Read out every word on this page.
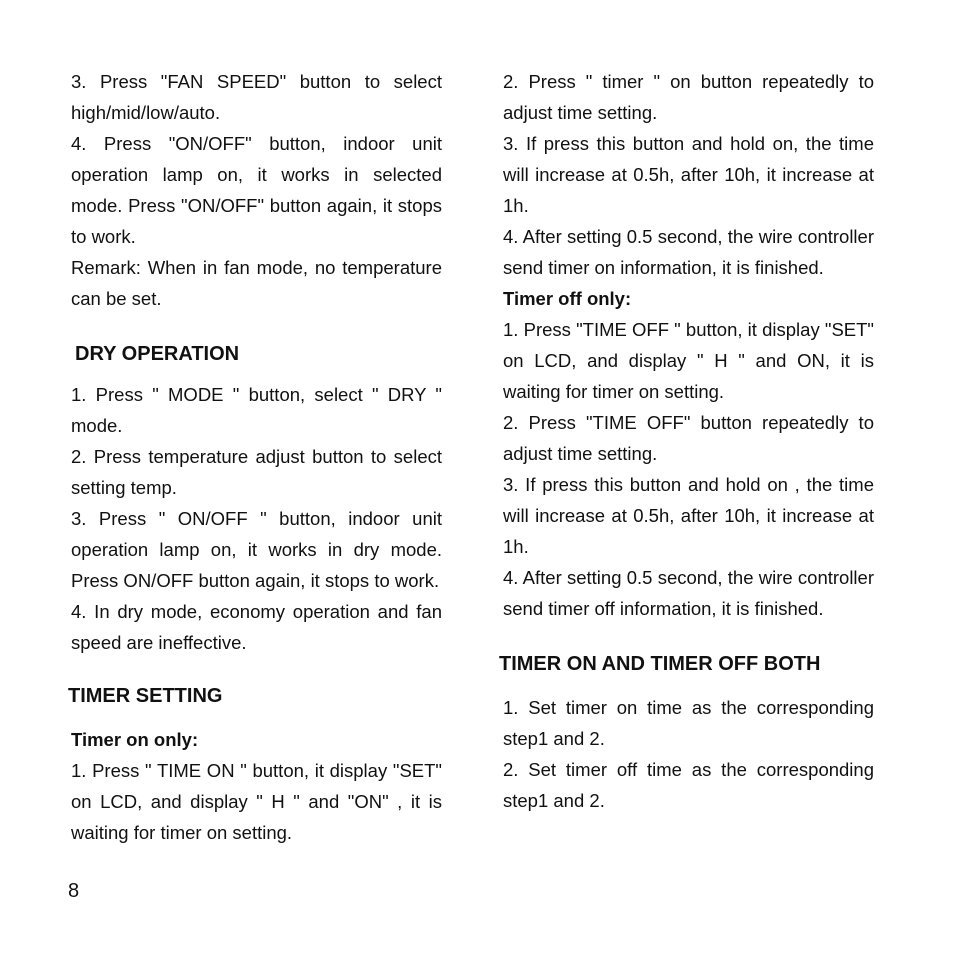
3. Press "FAN SPEED" button to select high/mid/low/auto.

4. Press "ON/OFF" button, indoor unit operation lamp on, it works in selected mode. Press "ON/OFF" button again, it stops to work.

Remark: When in fan mode, no temperature can be set.

DRY OPERATION

1. Press " MODE " button, select " DRY " mode.

2. Press temperature adjust button to select setting temp.

3. Press " ON/OFF " button, indoor unit operation lamp on, it works in dry mode. Press ON/OFF button again, it stops to work.

4. In dry mode, economy operation and fan speed are ineffective.

TIMER SETTING

Timer on only:

1. Press " TIME ON " button, it display "SET" on LCD, and display " H " and "ON" , it is waiting for timer on setting.

2. Press " timer " on button repeatedly to adjust time setting.

3. If press this button and hold on, the time will increase at 0.5h, after 10h, it increase at 1h.

4. After setting 0.5 second, the wire controller send timer on information, it is finished.

Timer off only:

1. Press "TIME OFF " button, it display "SET" on LCD, and display " H " and ON, it is waiting for timer on setting.

2. Press "TIME OFF" button repeatedly to adjust time setting.

3. If press this button and hold on , the time will increase at 0.5h, after 10h, it increase at 1h.

4. After setting 0.5 second, the wire controller send timer off information, it is finished.

TIMER ON AND TIMER OFF BOTH

1. Set timer on time as the corresponding step1 and 2.

2. Set timer off time as the corresponding step1 and 2.

8
